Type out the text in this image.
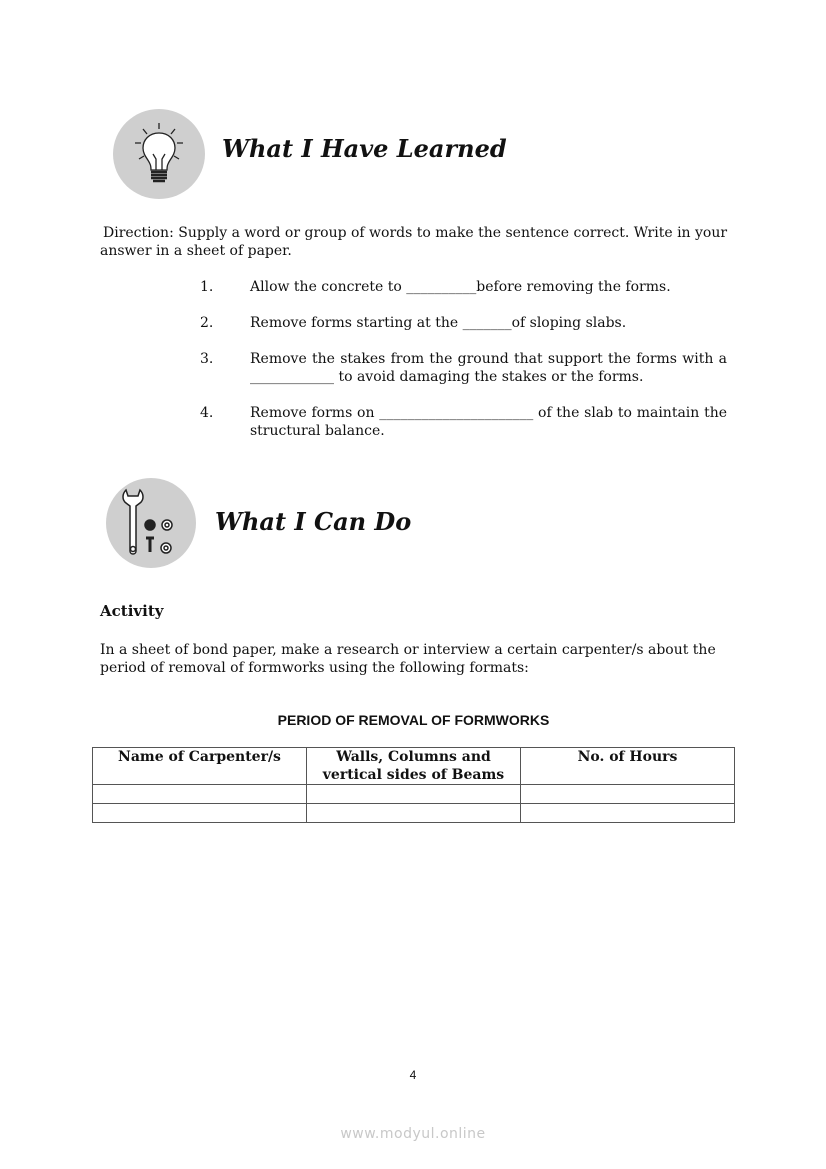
What I Have Learned
Direction: Supply a word or group of words to make the sentence correct. Write in your answer in a sheet of paper.
1.	Allow the concrete to __________before removing the forms.
2.	Remove forms starting at the _______of sloping slabs.
3.	Remove the stakes from the ground that support the forms with a ____________ to avoid damaging the stakes or the forms.
4.	Remove forms on ______________________ of the slab to maintain the structural balance.
What I Can Do
Activity
In a sheet of bond paper, make a research or interview a certain carpenter/s about the period of removal of formworks using the following formats:
PERIOD OF REMOVAL OF FORMWORKS
Name of Carpenter/s	Walls, Columns and vertical sides of Beams	No. of Hours

4
www.modyul.online
